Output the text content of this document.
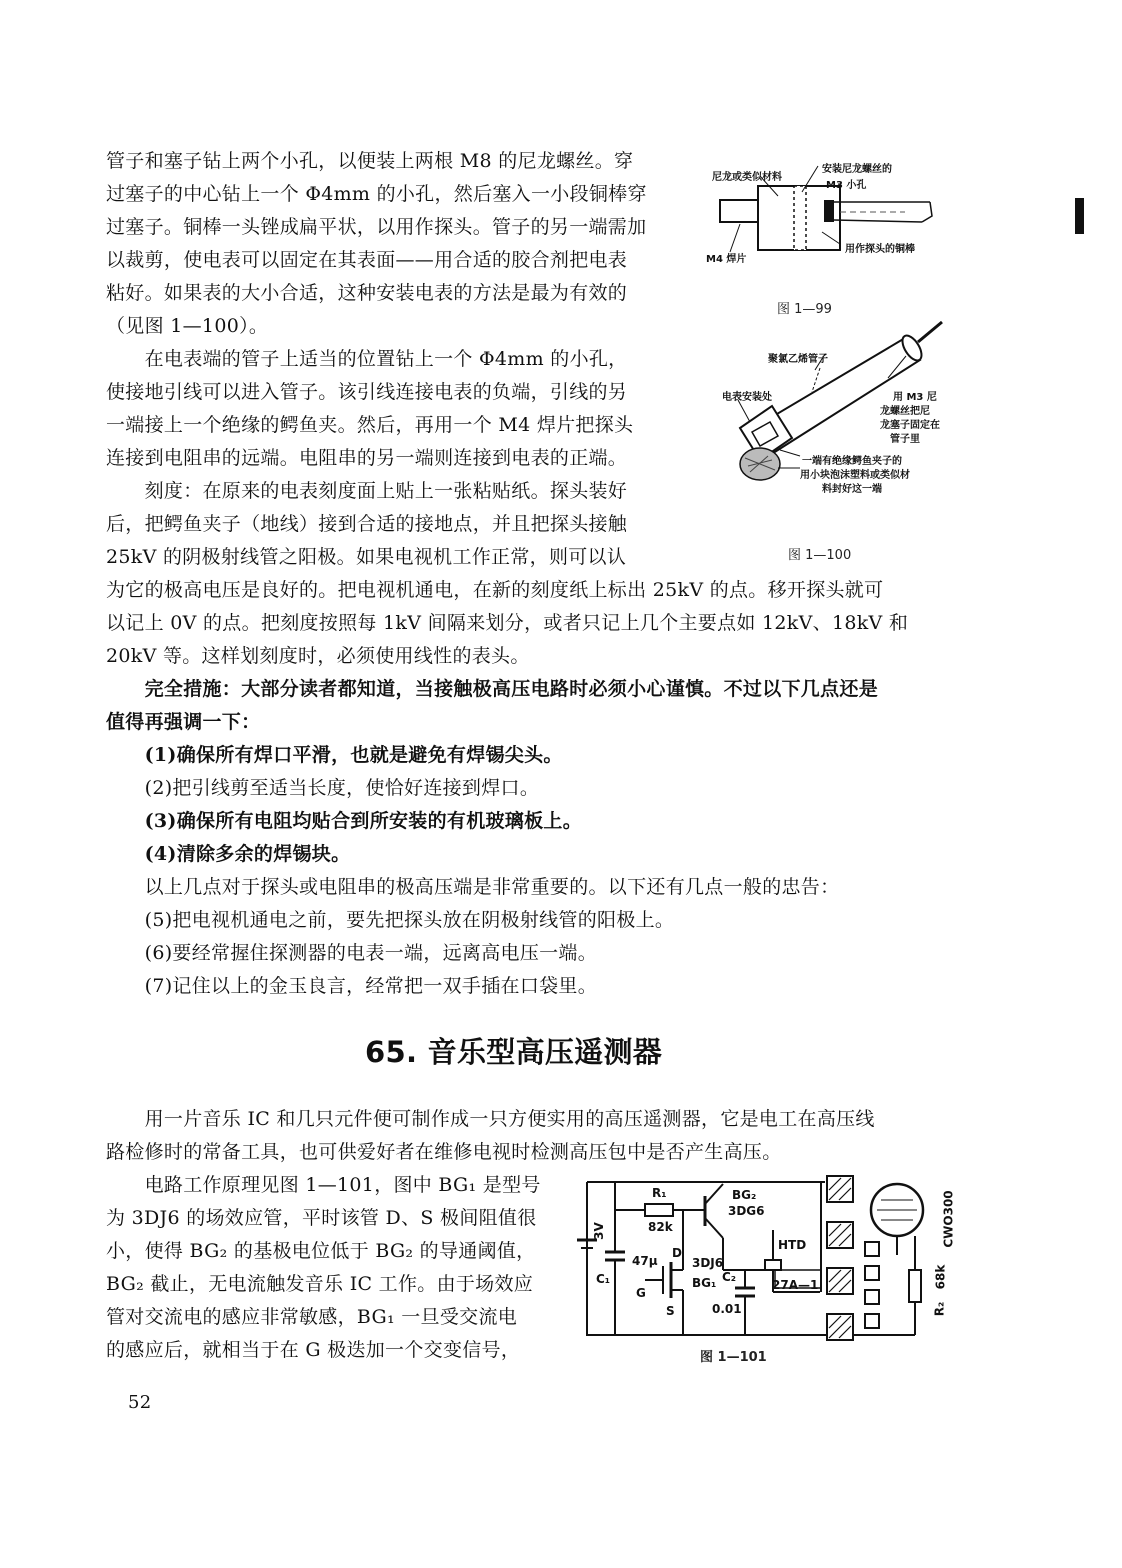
管子和塞子钻上两个小孔，以便装上两根 M8 的尼龙螺丝。穿
过塞子的中心钻上一个 Φ4mm 的小孔，然后塞入一小段铜棒穿
过塞子。铜棒一头锉成扁平状，以用作探头。管子的另一端需加
以裁剪，使电表可以固定在其表面——用合适的胶合剂把电表
粘好。如果表的大小合适，这种安装电表的方法是最为有效的
（见图 1—100）。
　　在电表端的管子上适当的位置钻上一个 Φ4mm 的小孔，
使接地引线可以进入管子。该引线连接电表的负端，引线的另
一端接上一个绝缘的鳄鱼夹。然后，再用一个 M4 焊片把探头
连接到电阻串的远端。电阻串的另一端则连接到电表的正端。
　　刻度：在原来的电表刻度面上贴上一张粘贴纸。探头装好
后，把鳄鱼夹子（地线）接到合适的接地点，并且把探头接触
25kV 的阴极射线管之阳极。如果电视机工作正常，则可以认
为它的极高电压是良好的。把电视机通电，在新的刻度纸上标出 25kV 的点。移开探头就可
以记上 0V 的点。把刻度按照每 1kV 间隔来划分，或者只记上几个主要点如 12kV、18kV 和
20kV 等。这样划刻度时，必须使用线性的表头。
　　完全措施：大部分读者都知道，当接触极高压电路时必须小心谨慎。不过以下几点还是
值得再强调一下：
　　(1)确保所有焊口平滑，也就是避免有焊锡尖头。
　　(2)把引线剪至适当长度，使恰好连接到焊口。
　　(3)确保所有电阻均贴合到所安装的有机玻璃板上。
　　(4)清除多余的焊锡块。
　　以上几点对于探头或电阻串的极高压端是非常重要的。以下还有几点一般的忠告：
　　(5)把电视机通电之前，要先把探头放在阴极射线管的阳极上。
　　(6)要经常握住探测器的电表一端，远离高电压一端。
　　(7)记住以上的金玉良言，经常把一双手插在口袋里。
65. 音乐型高压遥测器
　　用一片音乐 IC 和几只元件便可制作成一只方便实用的高压遥测器，它是电工在高压线
路检修时的常备工具，也可供爱好者在维修电视时检测高压包中是否产生高压。
　　电路工作原理见图 1—101，图中 BG₁ 是型号
为 3DJ6 的场效应管，平时该管 D、S 极间阻值很
小，使得 BG₂ 的基极电位低于 BG₂ 的导通阈值，
BG₂ 截止，无电流触发音乐 IC 工作。由于场效应
管对交流电的感应非常敏感，BG₁ 一旦受交流电
的感应后，就相当于在 G 极迭加一个交变信号，
52
尼龙或类似材料
安装尼龙螺丝的
M3 小孔
M4 焊片
用作探头的铜棒
图 1—99
聚氯乙烯管子
电表安装处	用 M3 尼
龙螺丝把尼
龙塞子固定在
管子里
一端有绝缘鳄鱼夹子的
用小块泡沫塑料或类似材
料封好这一端
图 1—100
R₁
82k
BG₂
3DG6
3V
C₁
47μ
D
3DJ6
BG₁
G
S
C₂
0.01
HTD
27A—1
CWO300
R₂
68k
图 1—101
